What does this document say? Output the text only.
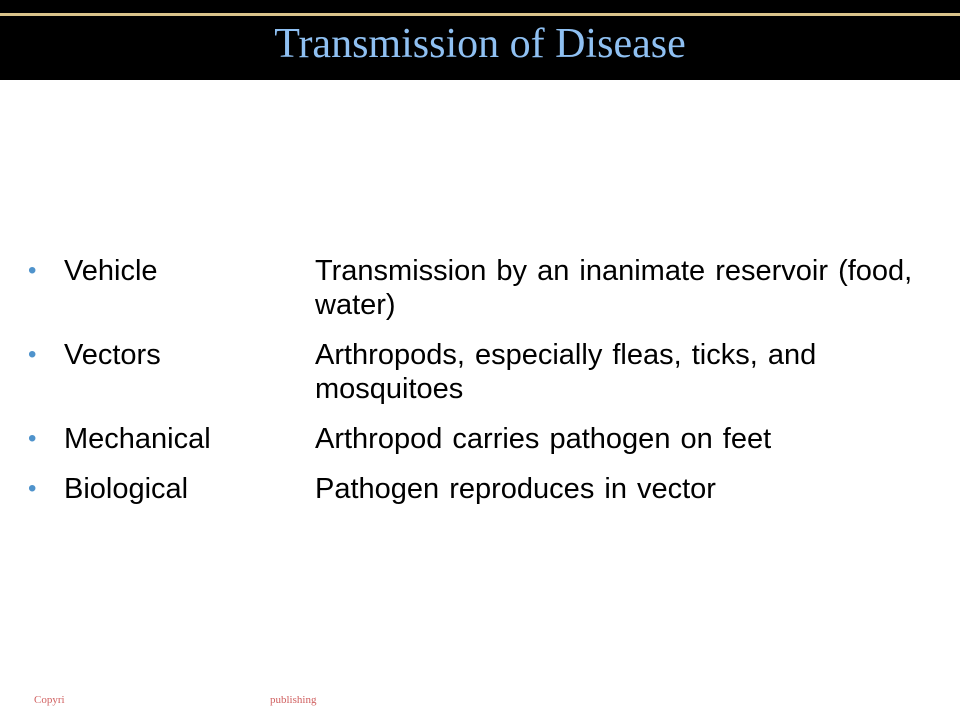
Transmission of Disease
• Vehicle	Transmission by an inanimate reservoir (food, water)
• Vectors	Arthropods, especially fleas, ticks, and mosquitoes
• Mechanical	Arthropod carries pathogen on feet
• Biological	Pathogen reproduces in vector
Copyri	publishing
